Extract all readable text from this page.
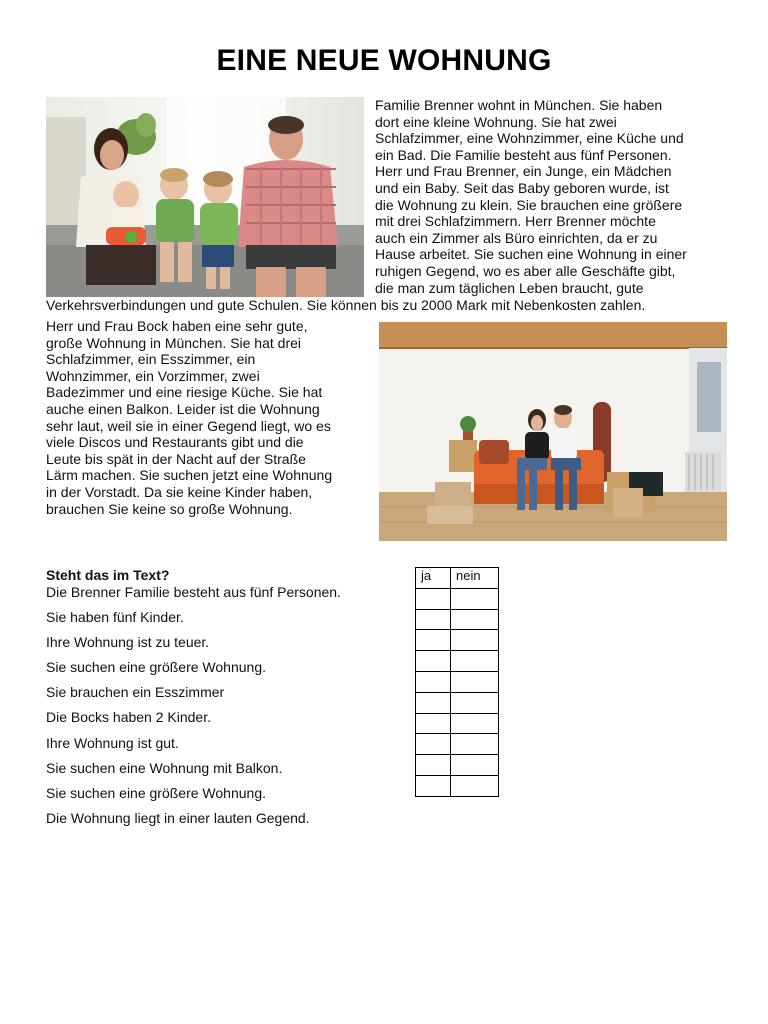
EINE NEUE WOHNUNG
www.foto...com
Familie Brenner wohnt in München. Sie haben
dort eine kleine Wohnung. Sie hat zwei
Schlafzimmer, eine Wohnzimmer, eine Küche und
ein Bad. Die Familie besteht aus fünf Personen.
Herr und Frau Brenner, ein Junge, ein Mädchen
und ein Baby. Seit das Baby geboren wurde, ist
die Wohnung zu klein. Sie brauchen eine größere
mit drei Schlafzimmern. Herr Brenner möchte
auch ein Zimmer als Büro einrichten, da er zu
Hause arbeitet. Sie suchen eine Wohnung in einer
ruhigen Gegend, wo es aber alle Geschäfte gibt,
die man zum täglichen Leben braucht, gute
Verkehrsverbindungen und gute Schulen. Sie können bis zu 2000 Mark mit Nebenkosten zahlen.
Herr und Frau Bock haben eine sehr gute,
große Wohnung in München. Sie hat drei
Schlafzimmer, ein Esszimmer, ein
Wohnzimmer, ein Vorzimmer, zwei
Badezimmer und eine riesige Küche. Sie hat
auche einen Balkon. Leider ist die Wohnung
sehr laut, weil sie in einer Gegend liegt, wo es
viele Discos und Restaurants gibt und die
Leute bis spät in der Nacht auf der Straße
Lärm machen. Sie suchen jetzt eine Wohnung
in der Vorstadt. Da sie keine Kinder haben,
brauchen Sie keine so große Wohnung.
Steht das im Text?
Die Brenner Familie besteht aus fünf Personen.
Sie haben fünf Kinder.
Ihre Wohnung ist zu teuer.
Sie suchen eine größere Wohnung.
Sie brauchen ein Esszimmer
Die Bocks haben 2 Kinder.
Ihre Wohnung ist gut.
Sie suchen eine Wohnung mit Balkon.
Sie suchen eine größere Wohnung.
Die Wohnung liegt in einer lauten Gegend.
ja	nein
